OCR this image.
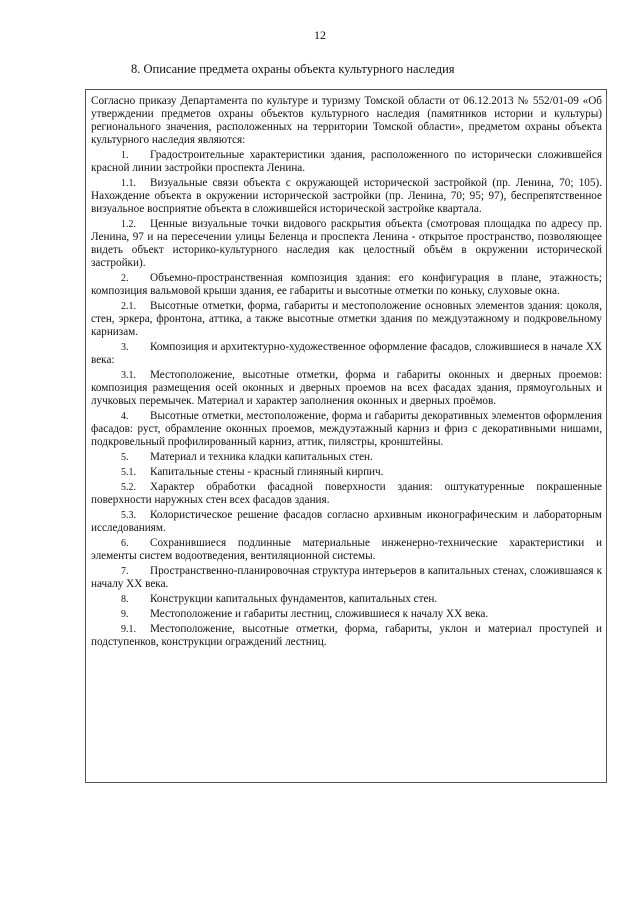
12
8. Описание предмета охраны объекта культурного наследия

Согласно приказу Департамента по культуре и туризму Томской области от 06.12.2013 № 552/01-09 «Об утверждении предметов охраны объектов культурного наследия (памятников истории и культуры) регионального значения, расположенных на территории Томской области», предметом охраны объекта культурного наследия являются:

1. Градостроительные характеристики здания, расположенного по исторически сложившейся красной линии застройки проспекта Ленина.

1.1. Визуальные связи объекта с окружающей исторической застройкой (пр. Ленина, 70; 105). Нахождение объекта в окружении исторической застройки (пр. Ленина, 70; 95; 97), беспрепятственное визуальное восприятие объекта в сложившейся исторической застройке квартала.

1.2. Ценные визуальные точки видового раскрытия объекта (смотровая площадка по адресу пр. Ленина, 97 и на пересечении улицы Беленца и проспекта Ленина - открытое пространство, позволяющее видеть объект историко-культурного наследия как целостный объём в окружении исторической застройки).

2. Объемно-пространственная композиция здания: его конфигурация в плане, этажность; композиция вальмовой крыши здания, ее габариты и высотные отметки по коньку, слуховые окна.

2.1. Высотные отметки, форма, габариты и местоположение основных элементов здания: цоколя, стен, эркера, фронтона, аттика, а также высотные отметки здания по междуэтажному и подкровельному карнизам.

3. Композиция и архитектурно-художественное оформление фасадов, сложившиеся в начале XX века:

3.1. Местоположение, высотные отметки, форма и габариты оконных и дверных проемов: композиция размещения осей оконных и дверных проемов на всех фасадах здания, прямоугольных и лучковых перемычек. Материал и характер заполнения оконных и дверных проёмов.

4. Высотные отметки, местоположение, форма и габариты декоративных элементов оформления фасадов: руст, обрамление оконных проемов, междуэтажный карниз и фриз с декоративными нишами, подкровельный профилированный карниз, аттик, пилястры, кронштейны.

5. Материал и техника кладки капитальных стен.

5.1. Капитальные стены - красный глиняный кирпич.

5.2. Характер обработки фасадной поверхности здания: оштукатуренные покрашенные поверхности наружных стен всех фасадов здания.

5.3. Колористическое решение фасадов согласно архивным иконографическим и лабораторным исследованиям.

6. Сохранившиеся подлинные материальные инженерно-технические характеристики и элементы систем водоотведения, вентиляционной системы.

7. Пространственно-планировочная структура интерьеров в капитальных стенах, сложившаяся к началу XX века.

8. Конструкции капитальных фундаментов, капитальных стен.

9. Местоположение и габариты лестниц, сложившиеся к началу XX века.

9.1. Местоположение, высотные отметки, форма, габариты, уклон и материал проступей и подступенков, конструкции ограждений лестниц.
